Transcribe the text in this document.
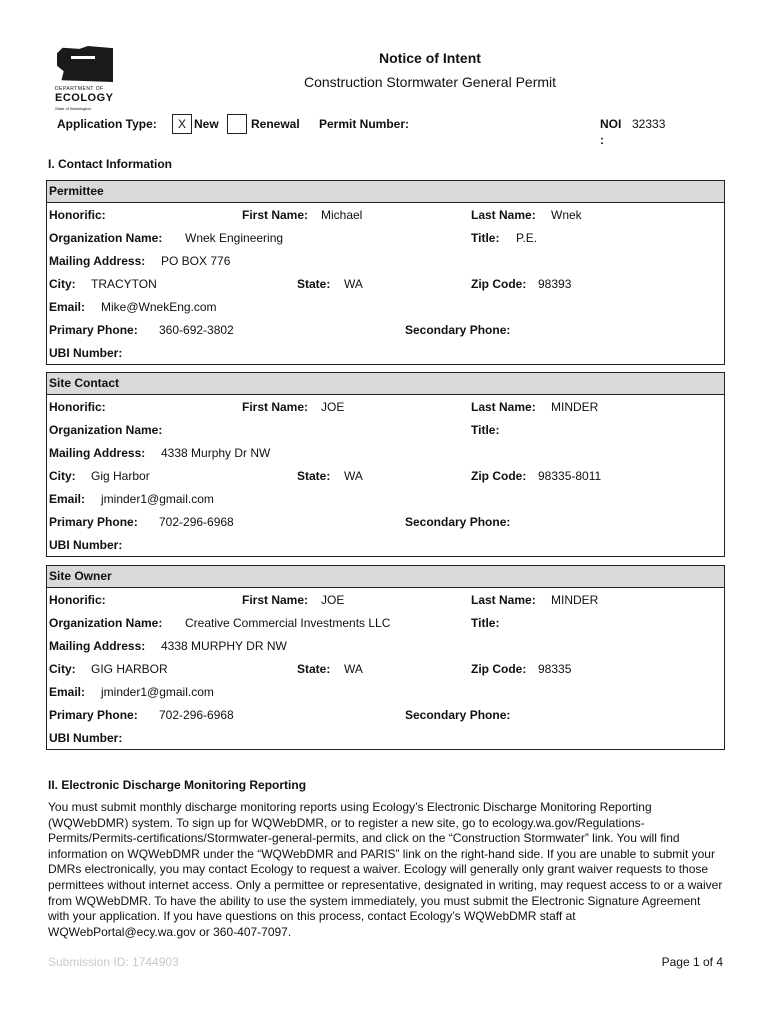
DEPARTMENT OF
ECOLOGY
State of Washington
Notice of Intent
Construction Stormwater General Permit
Application Type:	X New	Renewal Permit Number:	NOI
:
32333
I. Contact Information
Permittee
Honorific:	First Name: Michael	Last Name: Wnek
Organization Name: Wnek Engineering	Title: P.E.
Mailing Address: PO BOX 776
City: TRACYTON	State: WA	Zip Code: 98393
Email: Mike@WnekEng.com
Primary Phone: 360-692-3802	Secondary Phone:
UBI Number:
Site Contact
Honorific:	First Name: JOE	Last Name: MINDER
Organization Name:	Title:
Mailing Address: 4338 Murphy Dr NW
City: Gig Harbor	State: WA	Zip Code: 98335-8011
Email: jminder1@gmail.com
Primary Phone: 702-296-6968	Secondary Phone:
UBI Number:
Site Owner
Honorific:	First Name: JOE	Last Name: MINDER
Organization Name: Creative Commercial Investments LLC	Title:
Mailing Address: 4338 MURPHY DR NW
City: GIG HARBOR	State: WA	Zip Code: 98335
Email: jminder1@gmail.com
Primary Phone: 702-296-6968	Secondary Phone:
UBI Number:
II. Electronic Discharge Monitoring Reporting
You must submit monthly discharge monitoring reports using Ecology’s Electronic Discharge Monitoring Reporting (WQWebDMR) system. To sign up for WQWebDMR, or to register a new site, go to ecology.wa.gov/Regulations-Permits/Permits-certifications/Stormwater-general-permits, and click on the “Construction Stormwater” link. You will find information on WQWebDMR under the “WQWebDMR and PARIS” link on the right-hand side. If you are unable to submit your DMRs electronically, you may contact Ecology to request a waiver. Ecology will generally only grant waiver requests to those permittees without internet access. Only a permittee or representative, designated in writing, may request access to or a waiver from WQWebDMR. To have the ability to use the system immediately, you must submit the Electronic Signature Agreement with your application. If you have questions on this process, contact Ecology’s WQWebDMR staff at WQWebPortal@ecy.wa.gov or 360-407-7097.
Submission ID: 1744903	Page 1 of 4
